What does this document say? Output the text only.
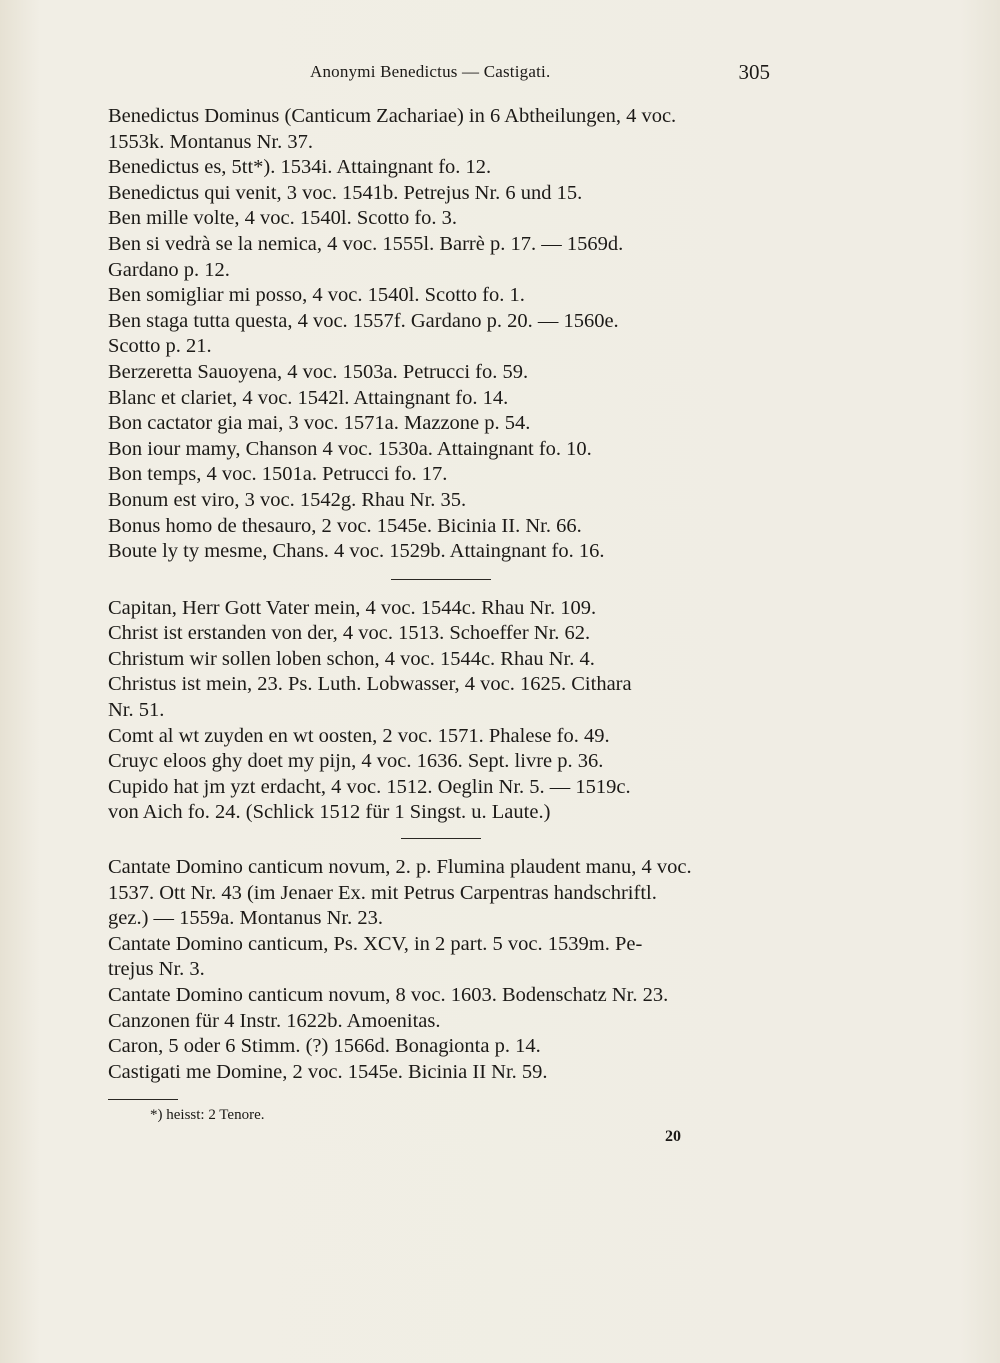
Anonymi Benedictus — Castigati.	305

Benedictus Dominus (Canticum Zachariae) in 6 Abtheilungen, 4 voc.
1553k. Montanus Nr. 37.

Benedictus es, 5tt*). 1534i. Attaingnant fo. 12.

Benedictus qui venit, 3 voc. 1541b. Petrejus Nr. 6 und 15.

Ben mille volte, 4 voc. 1540l. Scotto fo. 3.

Ben si vedrà se la nemica, 4 voc. 1555l. Barrè p. 17. — 1569d.
Gardano p. 12.

Ben somigliar mi posso, 4 voc. 1540l. Scotto fo. 1.

Ben staga tutta questa, 4 voc. 1557f. Gardano p. 20. — 1560e.
Scotto p. 21.

Berzeretta Sauoyena, 4 voc. 1503a. Petrucci fo. 59.

Blanc et clariet, 4 voc. 1542l. Attaingnant fo. 14.

Bon cactator gia mai, 3 voc. 1571a. Mazzone p. 54.

Bon iour mamy, Chanson 4 voc. 1530a. Attaingnant fo. 10.

Bon temps, 4 voc. 1501a. Petrucci fo. 17.

Bonum est viro, 3 voc. 1542g. Rhau Nr. 35.

Bonus homo de thesauro, 2 voc. 1545e. Bicinia II. Nr. 66.

Boute ly ty mesme, Chans. 4 voc. 1529b. Attaingnant fo. 16.

Capitan, Herr Gott Vater mein, 4 voc. 1544c. Rhau Nr. 109.

Christ ist erstanden von der, 4 voc. 1513. Schoeffer Nr. 62.

Christum wir sollen loben schon, 4 voc. 1544c. Rhau Nr. 4.

Christus ist mein, 23. Ps. Luth. Lobwasser, 4 voc. 1625. Cithara
Nr. 51.

Comt al wt zuyden en wt oosten, 2 voc. 1571. Phalese fo. 49.

Cruyc eloos ghy doet my pijn, 4 voc. 1636. Sept. livre p. 36.

Cupido hat jm yzt erdacht, 4 voc. 1512. Oeglin Nr. 5. — 1519c.
von Aich fo. 24. (Schlick 1512 für 1 Singst. u. Laute.)

Cantate Domino canticum novum, 2. p. Flumina plaudent manu, 4 voc.
1537. Ott Nr. 43 (im Jenaer Ex. mit Petrus Carpentras handschriftl.
gez.) — 1559a. Montanus Nr. 23.

Cantate Domino canticum, Ps. XCV, in 2 part. 5 voc. 1539m. Pe-
trejus Nr. 3.

Cantate Domino canticum novum, 8 voc. 1603. Bodenschatz Nr. 23.

Canzonen für 4 Instr. 1622b. Amoenitas.

Caron, 5 oder 6 Stimm. (?) 1566d. Bonagionta p. 14.

Castigati me Domine, 2 voc. 1545e. Bicinia II Nr. 59.

*) heisst: 2 Tenore.
20
